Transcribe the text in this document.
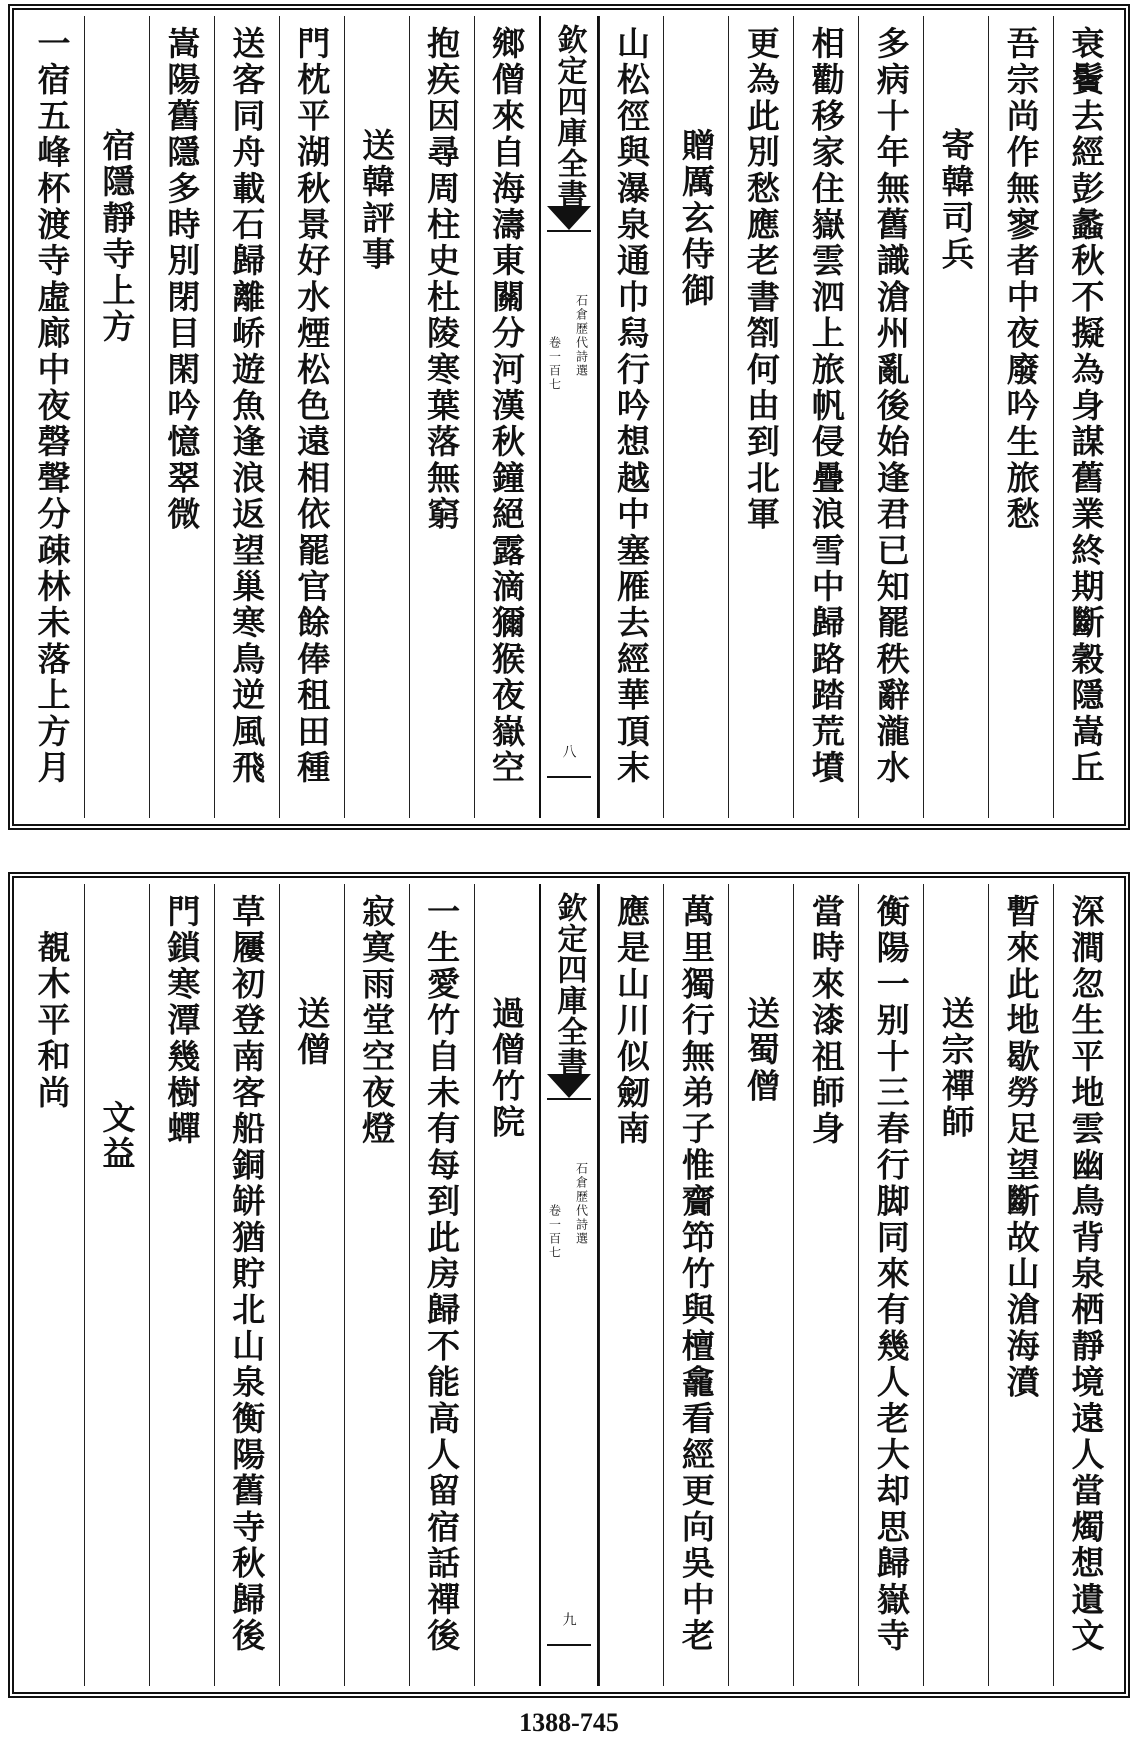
衰鬢去經彭蠡秋不擬為身謀舊業終期斷穀隱嵩丘
吾宗尚作無寥者中夜廢吟生旅愁
寄韓司兵
多病十年無舊識滄州亂後始逢君已知罷秩辭瀧水
相勸移家住嶽雲泗上旅帆侵疊浪雪中歸路踏荒墳
更為此別愁應老書劄何由到北軍
贈厲玄侍御
山松徑與瀑泉通巾舄行吟想越中塞雁去經華頂末
欽定四庫全書
石倉歷代詩選
卷一百七
八
鄉僧來自海濤東關分河漢秋鐘絕露滴獮猴夜嶽空
抱疾因尋周柱史杜陵寒葉落無窮
送韓評事
門枕平湖秋景好水煙松色遠相依罷官餘俸租田種
送客同舟載石歸離峤遊魚逢浪返望巢寒鳥逆風飛
嵩陽舊隱多時別閉目閑吟憶翠微
宿隱靜寺上方
一宿五峰杯渡寺虛廊中夜磬聲分疎林未落上方月
深澗忽生平地雲幽鳥背泉栖靜境遠人當燭想遺文
暫來此地歇勞足望斷故山滄海濆
送宗禪師
衡陽一别十三春行脚同來有幾人老大却思歸嶽寺
當時來漆祖師身
送蜀僧
萬里獨行無弟子惟齎笻竹與檀龕看經更向吳中老
應是山川似劒南
欽定四庫全書
石倉歷代詩選
卷一百七
九
過僧竹院
一生愛竹自未有每到此房歸不能高人留宿話禪後
寂寞雨堂空夜燈
送僧
草屨初登南客船銅缾猶貯北山泉衡陽舊寺秋歸後
門鎖寒潭幾樹蟬
文益
覩木平和尚
1388-745
